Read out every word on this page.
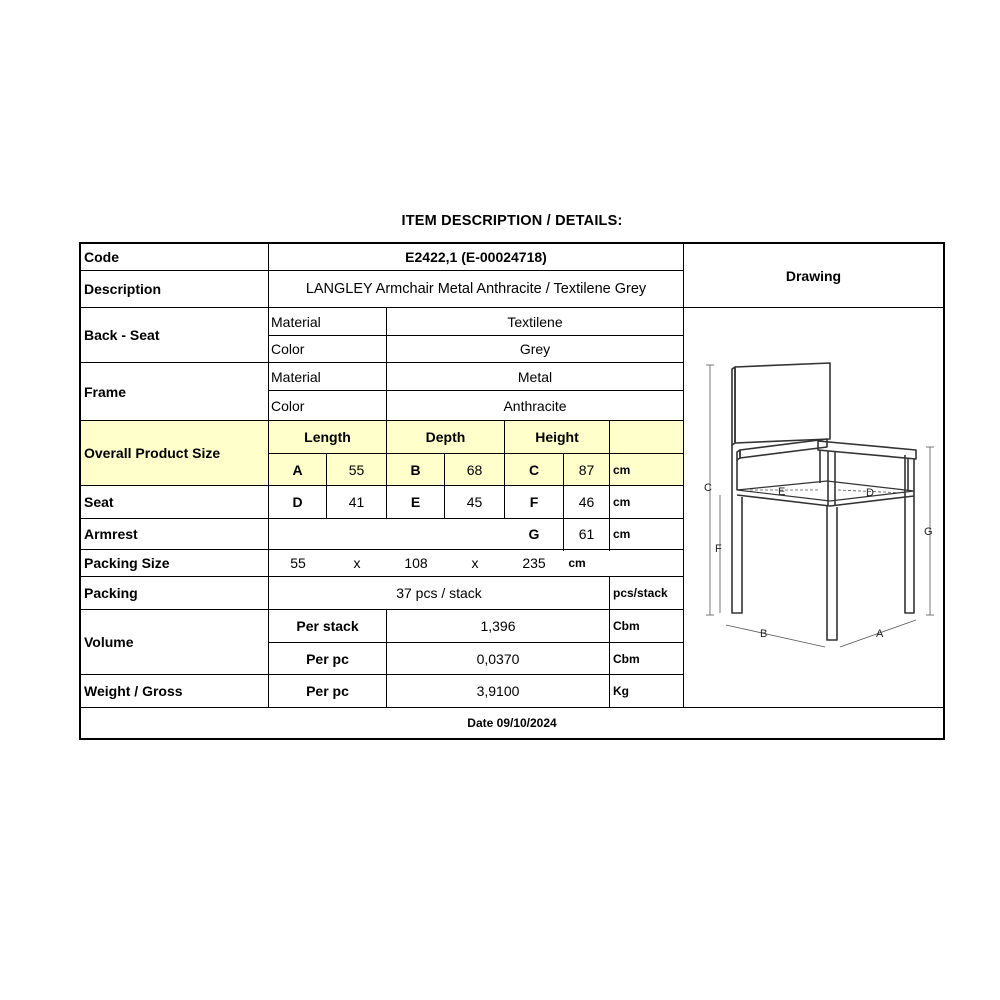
ITEM DESCRIPTION / DETAILS:
Code	E2422,1 (E-00024718)
Drawing
Description	LANGLEY Armchair Metal Anthracite / Textilene Grey
Back - Seat
Material	Textilene
Color	Grey
Frame
Material	Metal
Color	Anthracite
Overall Product Size
Length	Depth	Height
A	55	B	68	C	87	cm
Seat	D	41	E	45	F	46	cm
Armrest	G	61	cm
Packing Size	55	x	108	x	235	cm
Packing	37 pcs / stack	pcs/stack
Volume
Per stack	1,396	Cbm
Per pc	0,0370	Cbm
Weight / Gross	Per pc	3,9100	Kg
Date 09/10/2024
C
F
G
B	A
E	D
